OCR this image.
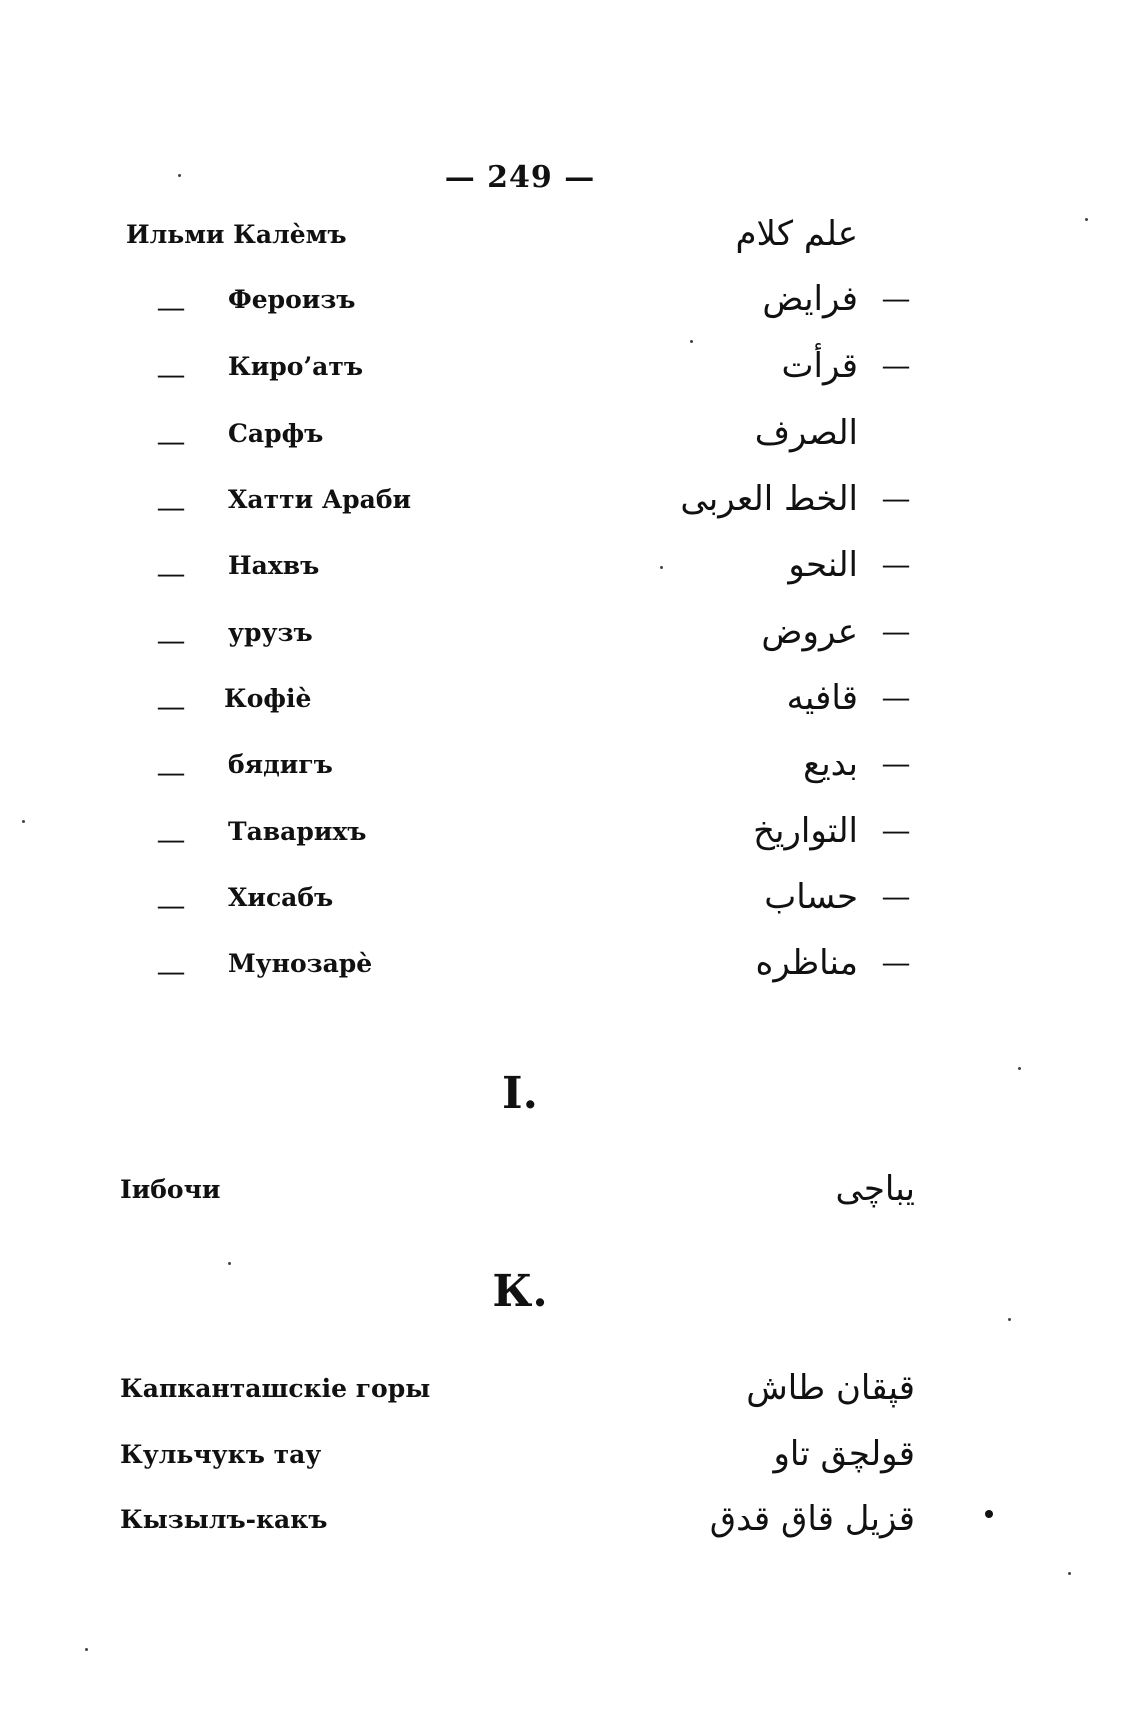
— 249 —
Ильми Калѐмъ	علم كلام
— Фероизъ	فرايض —
— Киро’атъ	قرأت —
— Сарфъ	الصرف
— Хатти Араби	الخط العربى —
— Нахвъ	النحو —
— урузъ	عروض —
— Кофіѐ	قافيه —
— бядигъ	بديع —
— Тавар​ихъ	التواريخ —
— Хисабъ	حساب —
— Мунозарѐ	مناظره —
I.
Іибочи	يباچى
К.
Капканташскіе горы	قپقان طاش
Кульчукъ тау	قولچق تاو
Кызылъ-какъ	قزيل قاق قدق
